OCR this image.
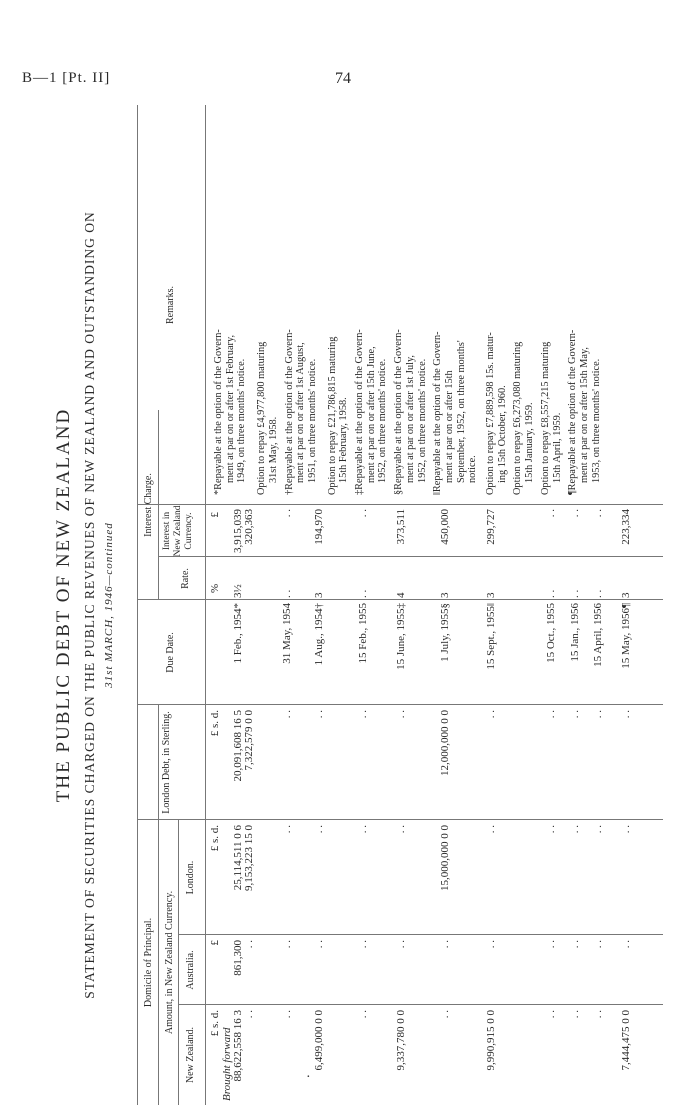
B—1 [Pt. II]	74
·
THE PUBLIC DEBT OF NEW ZEALAND STATEMENT OF SECURITIES CHARGED ON THE PUBLIC REVENUES OF NEW ZEALAND AND OUTSTANDING ON 31st MARCH, 1946—continued
Domicile of Principal. Amount, in New Zealand Currency.
New Zealand.
Australia.
London.
London Debt, in Sterling.
Due Date.
Interest Charge.
Rate.
Interest in New Zealand Currency.
Remarks.
£ s. d.
£
£ s. d.
£ s. d.
%
£
Brought forward 88,622,558 16 3
861,300
25,114,511 0 6
20,091,608 16 5
1 Feb., 1954*
3½
3,915,039
. .
. .
9,153,223 15 0
7,322,579 0 0
320,363
. .
. .
. .
. .
31 May, 1954
. .
. .
6,499,000 0 0
. .
. .
. .
1 Aug., 1954†
3
194,970
. .
. .
. .
. .
15 Feb., 1955
. .
. .
9,337,780 0 0
. .
. .
. .
15 June, 1955‡
4
373,511
. .
. .
15,000,000 0 0
12,000,000 0 0
1 July, 1955§
3
450,000
9,990,915 0 0
. .
. .
. .
15 Sept., 1955‖
3
299,727
. .
. .
. .
. .
15 Oct., 1955
. .
. .
. .
. .
. .
. .
15 Jan., 1956
. .
. .
. .
. .
. .
. .
15 April, 1956
. .
. .
7,444,475 0 0
. .
. .
. .
15 May, 1956¶
3
223,334
*Repayable at the option of the Govern- ment at par on or after 1st February, 1949, on three months' notice. Option to repay £4,977,800 maturing 31st May, 1958. †Repayable at the option of the Govern- ment at par on or after 1st August, 1951, on three months' notice. Option to repay £21,786,815 maturing 15th February, 1958. ‡Repayable at the option of the Govern- ment at par on or after 15th June, 1952, on three months' notice. §Repayable at the option of the Govern- ment at par on or after 1st July, 1952, on three months' notice. ‖Repayable at the option of the Govern- ment at par on or after 15th September, 1952, on three months' notice. Option to repay £7,889,598 15s. matur- ing 15th October, 1960. Option to repay £6,273,080 maturing 15th January, 1959. Option to repay £8,557,215 maturing 15th April, 1959. ¶Repayable at the option of the Govern- ment at par on or after 15th May, 1953, on three months' notice.
